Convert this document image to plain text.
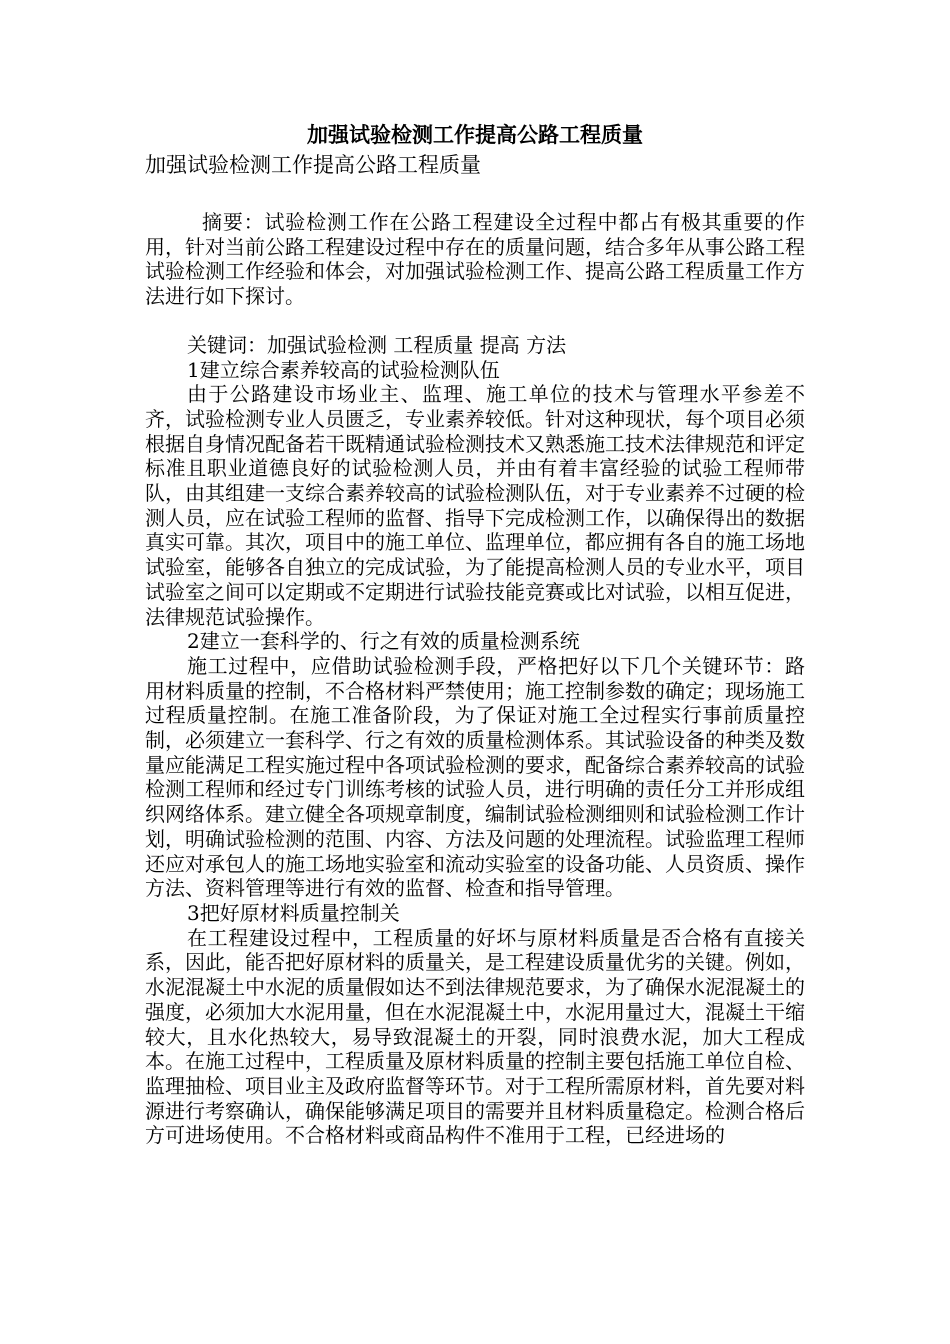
加强试验检测工作提高公路工程质量
加强试验检测工作提高公路工程质量

摘要：试验检测工作在公路工程建设全过程中都占有极其重要的作用，针对当前公路工程建设过程中存在的质量问题，结合多年从事公路工程试验检测工作经验和体会，对加强试验检测工作、提高公路工程质量工作方法进行如下探讨。

关键词：加强试验检测 工程质量 提高 方法

1建立综合素养较高的试验检测队伍

由于公路建设市场业主、监理、施工单位的技术与管理水平参差不齐，试验检测专业人员匮乏，专业素养较低。针对这种现状，每个项目必须根据自身情况配备若干既精通试验检测技术又熟悉施工技术法律规范和评定标准且职业道德良好的试验检测人员，并由有着丰富经验的试验工程师带队，由其组建一支综合素养较高的试验检测队伍，对于专业素养不过硬的检测人员，应在试验工程师的监督、指导下完成检测工作，以确保得出的数据真实可靠。其次，项目中的施工单位、监理单位，都应拥有各自的施工场地试验室，能够各自独立的完成试验，为了能提高检测人员的专业水平，项目试验室之间可以定期或不定期进行试验技能竞赛或比对试验，以相互促进，法律规范试验操作。

2建立一套科学的、行之有效的质量检测系统

施工过程中，应借助试验检测手段，严格把好以下几个关键环节：路用材料质量的控制，不合格材料严禁使用；施工控制参数的确定；现场施工过程质量控制。在施工准备阶段，为了保证对施工全过程实行事前质量控制，必须建立一套科学、行之有效的质量检测体系。其试验设备的种类及数量应能满足工程实施过程中各项试验检测的要求，配备综合素养较高的试验检测工程师和经过专门训练考核的试验人员，进行明确的责任分工并形成组织网络体系。建立健全各项规章制度，编制试验检测细则和试验检测工作计划，明确试验检测的范围、内容、方法及问题的处理流程。试验监理工程师还应对承包人的施工场地实验室和流动实验室的设备功能、人员资质、操作方法、资料管理等进行有效的监督、检查和指导管理。

3把好原材料质量控制关

在工程建设过程中，工程质量的好坏与原材料质量是否合格有直接关系，因此，能否把好原材料的质量关，是工程建设质量优劣的关键。例如，水泥混凝土中水泥的质量假如达不到法律规范要求，为了确保水泥混凝土的强度，必须加大水泥用量，但在水泥混凝土中，水泥用量过大，混凝土干缩较大，且水化热较大，易导致混凝土的开裂，同时浪费水泥，加大工程成本。在施工过程中，工程质量及原材料质量的控制主要包括施工单位自检、监理抽检、项目业主及政府监督等环节。对于工程所需原材料，首先要对料源进行考察确认，确保能够满足项目的需要并且材料质量稳定。检测合格后方可进场使用。不合格材料或商品构件不准用于工程，已经进场的
